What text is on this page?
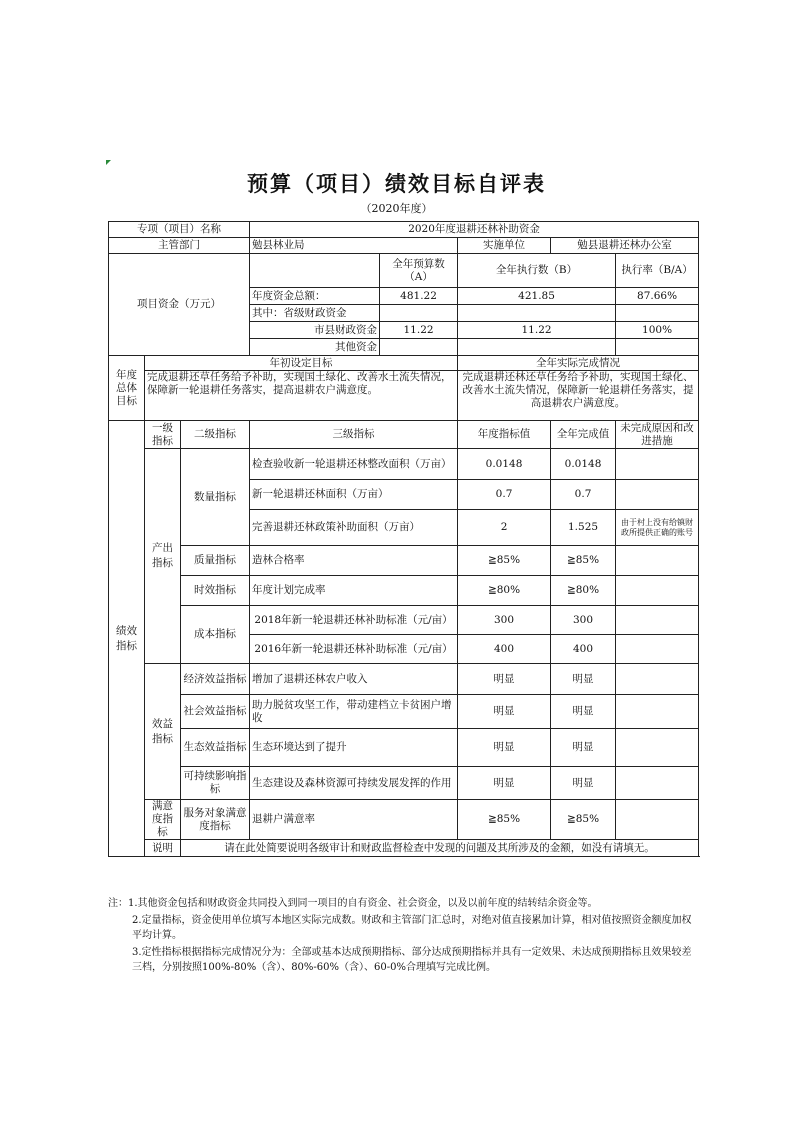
预算（项目）绩效目标自评表
（2020年度）
专项（项目）名称			2020年度退耕还林补助资金				
主管部门			勉县林业局		实施单位	勉县退耕还林办公室	
项目资金（万元）				全年预算数（A）	全年执行数（B）		执行率（B/A）
			年度资金总额：	481.22	421.85		87.66%
			其中：省级财政资金				
			市县财政资金	11.22	11.22		100%
			其他资金				
年度总体目标	年初设定目标				全年实际完成情况		
	完成退耕还草任务给予补助，实现国土绿化、改善水土流失情况，保障新一轮退耕任务落实，提高退耕农户满意度。				完成退耕还林还草任务给予补助，实现国土绿化、改善水土流失情况，保障新一轮退耕任务落实，提高退耕农户满意度。		
绩效指标	一级指标	二级指标	三级指标		年度指标值	全年完成值	未完成原因和改进措施
	产出指标	数量指标	检查验收新一轮退耕还林整改面积（万亩）		0.0148	0.0148	
			新一轮退耕还林面积（万亩）		0.7	0.7	
			完善退耕还林政策补助面积（万亩）		2	1.525	由于村上没有给镇财政所提供正确的账号
		质量指标	造林合格率		≧85%	≧85%	
		时效指标	年度计划完成率		≧80%	≧80%	
		成本指标	2018年新一轮退耕还林补助标准（元/亩）		300	300	
			2016年新一轮退耕还林补助标准（元/亩）		400	400	
	效益指标	经济效益指标	增加了退耕还林农户收入		明显	明显	
		社会效益指标	助力脱贫攻坚工作，带动建档立卡贫困户增收		明显	明显	
		生态效益指标	生态环境达到了提升		明显	明显	
		可持续影响指标	生态建设及森林资源可持续发展发挥的作用		明显	明显	
	满意度指标	服务对象满意度指标	退耕户满意率		≧85%	≧85%	
	说明	请在此处简要说明各级审计和财政监督检查中发现的问题及其所涉及的金额，如没有请填无。					

注：1.其他资金包括和财政资金共同投入到同一项目的自有资金、社会资金，以及以前年度的结转结余资金等。

2.定量指标，资金使用单位填写本地区实际完成数。财政和主管部门汇总时，对绝对值直接累加计算，相对值按照资金额度加权平均计算。

3.定性指标根据指标完成情况分为：全部或基本达成预期指标、部分达成预期指标并具有一定效果、未达成预期指标且效果较差三档，分别按照100%-80%（含）、80%-60%（含）、60-0%合理填写完成比例。
